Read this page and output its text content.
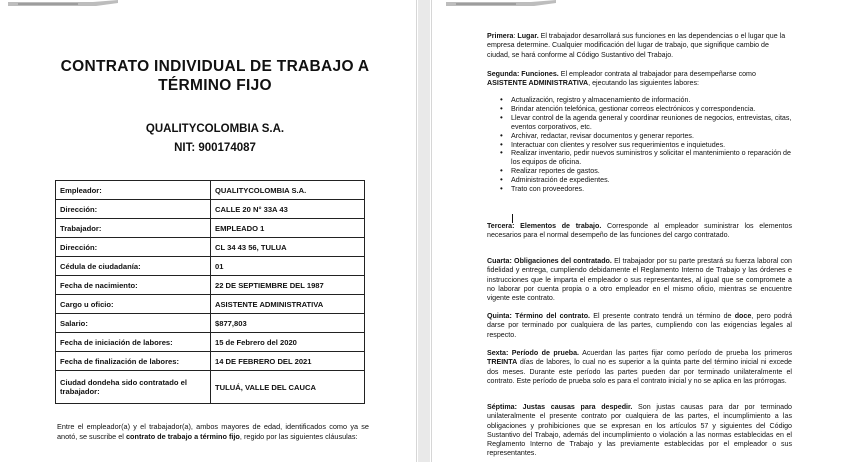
CONTRATO INDIVIDUAL DE TRABAJO A TÉRMINO FIJO
QUALITYCOLOMBIA S.A.
NIT: 900174087
Empleador:	QUALITYCOLOMBIA S.A.
Dirección:	CALLE 20 N° 33A 43
Trabajador:	EMPLEADO 1
Dirección:	CL 34 43 56, TULUA
Cédula de ciudadanía:	01
Fecha de nacimiento:	22 DE SEPTIEMBRE DEL 1987
Cargo u oficio:	ASISTENTE ADMINISTRATIVA
Salario:	$877,803
Fecha de iniciación de labores:	15 de Febrero del 2020
Fecha de finalización de labores:	14 DE FEBRERO DEL 2021
Ciudad dondeha sido contratado el trabajador:	TULUÁ, VALLE DEL CAUCA
Entre el empleador(a) y el trabajador(a), ambos mayores de edad, identificados como ya se anotó, se suscribe el contrato de trabajo a término fijo, regido por las siguientes cláusulas:
Primera: Lugar. El trabajador desarrollará sus funciones en las dependencias o el lugar que la empresa determine. Cualquier modificación del lugar de trabajo, que signifique cambio de ciudad, se hará conforme al Código Sustantivo del Trabajo.
Segunda: Funciones. El empleador contrata al trabajador para desempeñarse como ASISTENTE ADMINISTRATIVA, ejecutando las siguientes labores:
• Actualización, registro y almacenamiento de información.
• Brindar atención telefónica, gestionar correos electrónicos y correspondencia.
• Llevar control de la agenda general y coordinar reuniones de negocios, entrevistas, citas, eventos corporativos, etc.
• Archivar, redactar, revisar documentos y generar reportes.
• Interactuar con clientes y resolver sus requerimientos e inquietudes.
• Realizar inventario, pedir nuevos suministros y solicitar el mantenimiento o reparación de los equipos de oficina.
• Realizar reportes de gastos.
• Administración de expedientes.
• Trato con proveedores.
Tercera: Elementos de trabajo. Corresponde al empleador suministrar los elementos necesarios para el normal desempeño de las funciones del cargo contratado.
Cuarta: Obligaciones del contratado. El trabajador por su parte prestará su fuerza laboral con fidelidad y entrega, cumpliendo debidamente el Reglamento Interno de Trabajo y las órdenes e instrucciones que le imparta el empleador o sus representantes, al igual que se compromete a no laborar por cuenta propia o a otro empleador en el mismo oficio, mientras se encuentre vigente este contrato.
Quinta: Término del contrato. El presente contrato tendrá un término de doce, pero podrá darse por terminado por cualquiera de las partes, cumpliendo con las exigencias legales al respecto.
Sexta: Período de prueba. Acuerdan las partes fijar como período de prueba los primeros TREINTA días de labores, lo cual no es superior a la quinta parte del término inicial ni excede dos meses. Durante este período las partes pueden dar por terminado unilateralmente el contrato. Este período de prueba solo es para el contrato inicial y no se aplica en las prórrogas.
Séptima: Justas causas para despedir. Son justas causas para dar por terminado unilateralmente el presente contrato por cualquiera de las partes, el incumplimiento a las obligaciones y prohibiciones que se expresan en los artículos 57 y siguientes del Código Sustantivo del Trabajo, además del incumplimiento o violación a las normas establecidas en el Reglamento Interno de Trabajo y las previamente establecidas por el empleador o sus representantes.
